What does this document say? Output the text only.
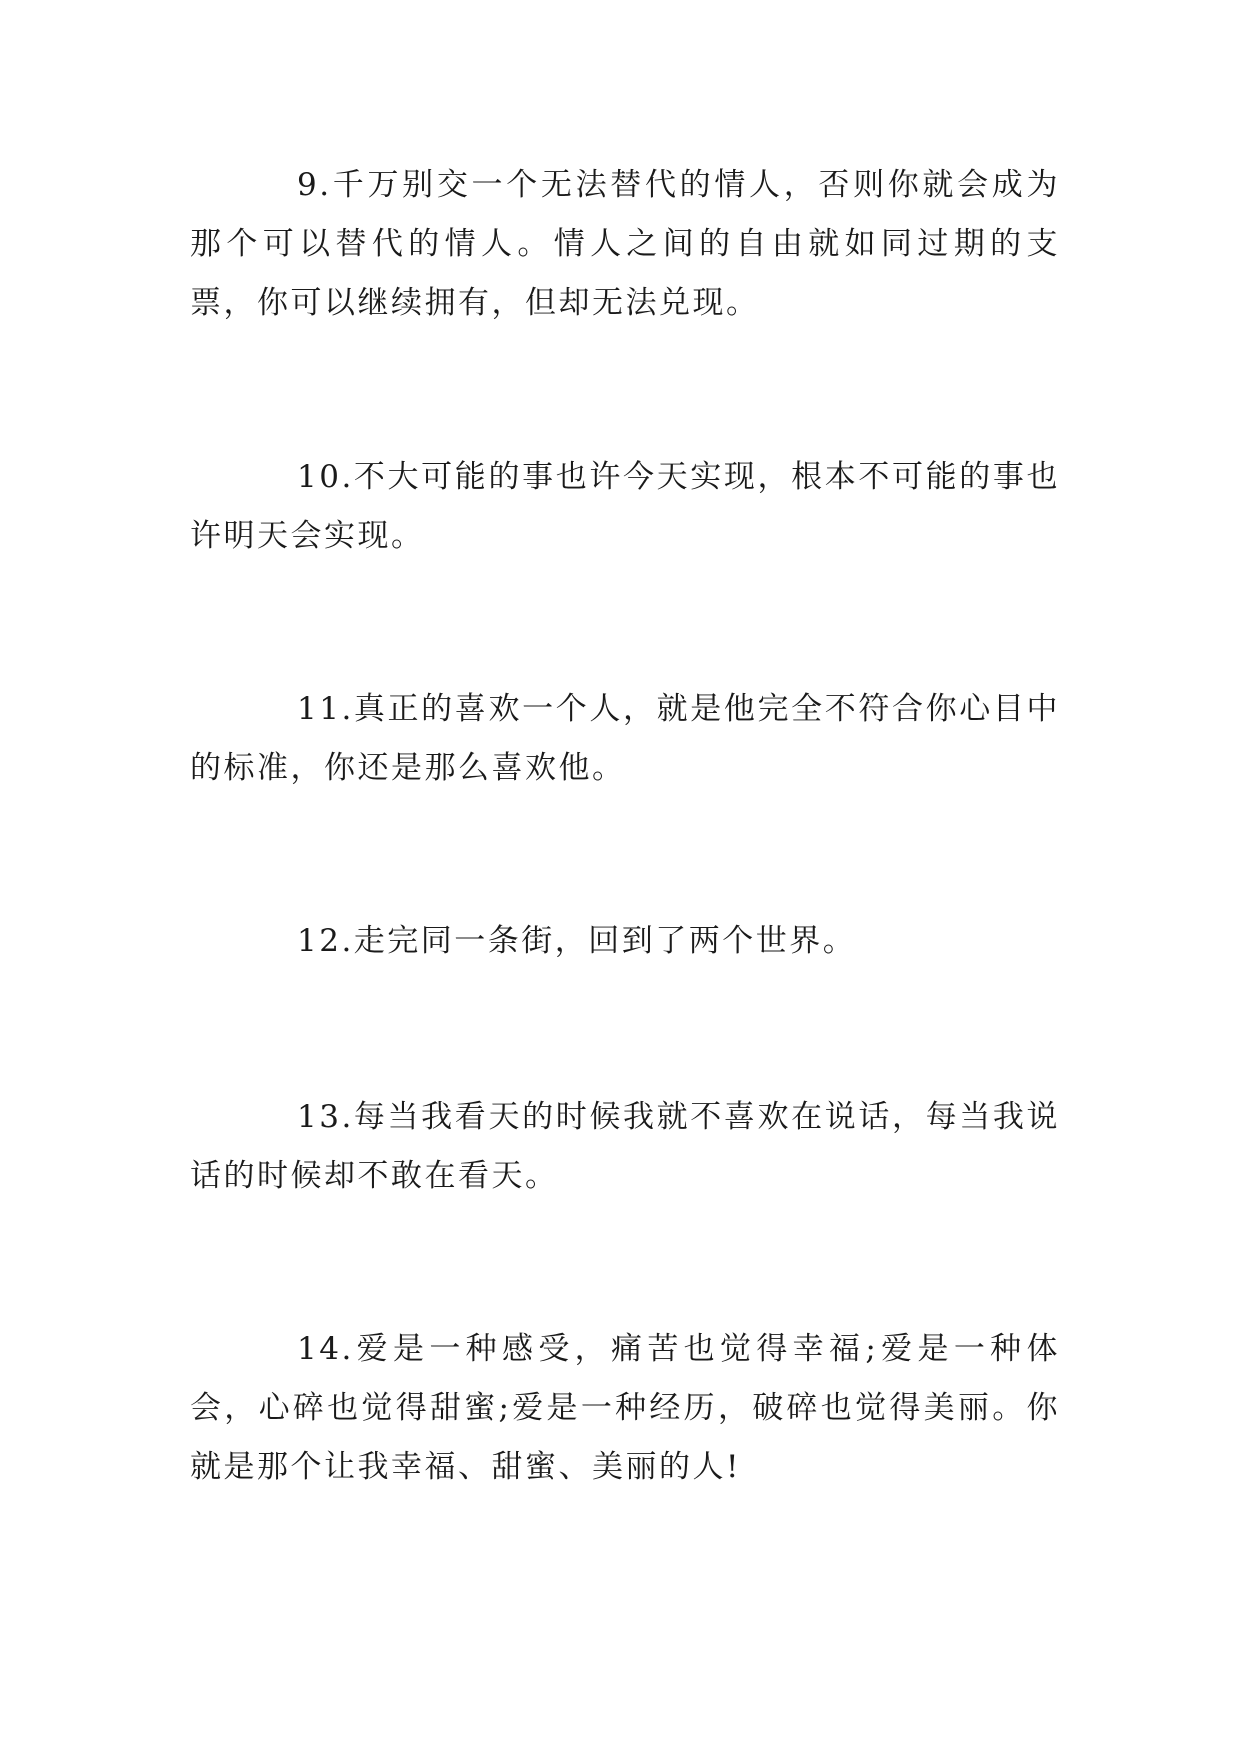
9.千万别交一个无法替代的情人，否则你就会成为那个可以替代的情人。情人之间的自由就如同过期的支票，你可以继续拥有，但却无法兑现。

10.不大可能的事也许今天实现，根本不可能的事也许明天会实现。

11.真正的喜欢一个人，就是他完全不符合你心目中的标准，你还是那么喜欢他。

12.走完同一条街，回到了两个世界。

13.每当我看天的时候我就不喜欢在说话，每当我说话的时候却不敢在看天。

14.爱是一种感受，痛苦也觉得幸福;爱是一种体会，心碎也觉得甜蜜;爱是一种经历，破碎也觉得美丽。你就是那个让我幸福、甜蜜、美丽的人!
